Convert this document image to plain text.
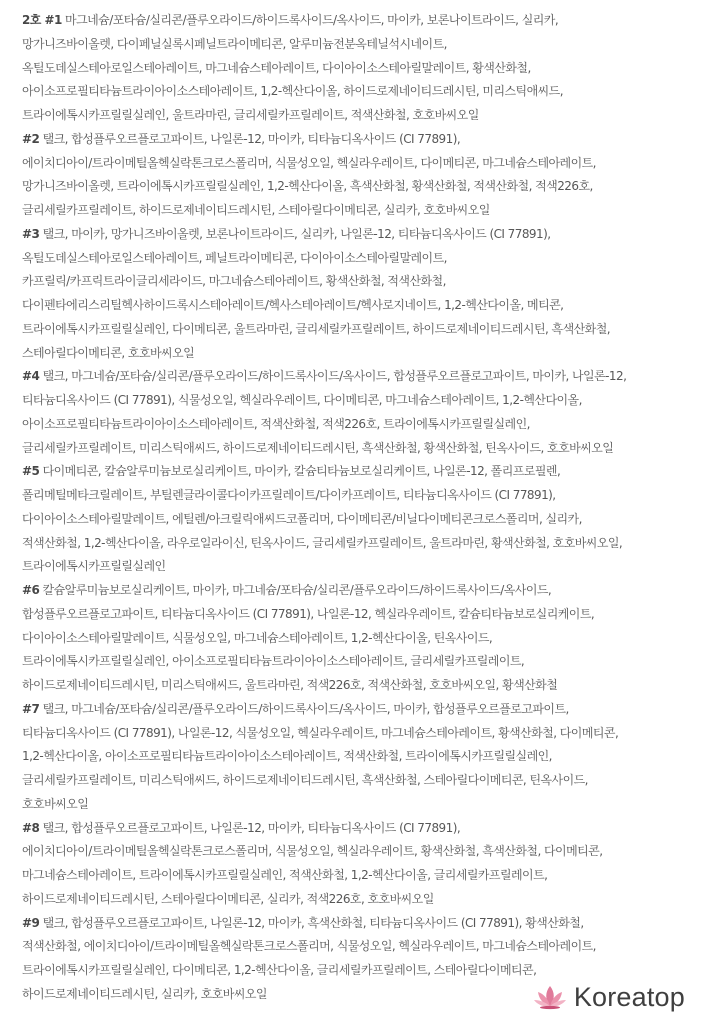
2호 #1 마그네슘/포타슘/실리콘/플루오라이드/하이드록사이드/옥사이드, 마이카, 보론나이트라이드, 실리카,
망가니즈바이올렛, 다이페닐실록시페닐트라이메티콘, 알루미늄전분옥테닐석시네이트,
옥틸도데실스테아로일스테아레이트, 마그네슘스테아레이트, 다이아이소스테아릴말레이트, 황색산화철,
아이소프로필티타늄트라이아이소스테아레이트, 1,2-헥산다이올, 하이드로제네이티드레시틴, 미리스틱애씨드,
트라이에톡시카프릴릴실레인, 울트라마린, 글리세릴카프릴레이트, 적색산화철, 호호바씨오일
#2 탤크, 합성플루오르플로고파이트, 나일론-12, 마이카, 티타늄디옥사이드 (CI 77891),
에이치디아이/트라이메틸올헥실락톤크로스폴리머, 식물성오일, 헥실라우레이트, 다이메티콘, 마그네슘스테아레이트,
망가니즈바이올렛, 트라이에톡시카프릴릴실레인, 1,2-헥산다이올, 흑색산화철, 황색산화철, 적색산화철, 적색226호,
글리세릴카프릴레이트, 하이드로제네이티드레시틴, 스테아릴다이메티콘, 실리카, 호호바씨오일
#3 탤크, 마이카, 망가니즈바이올렛, 보론나이트라이드, 실리카, 나일론-12, 티타늄디옥사이드 (CI 77891),
옥틸도데실스테아로일스테아레이트, 페닐트라이메티콘, 다이아이소스테아릴말레이트,
카프릴릭/카프릭트라이글리세라이드, 마그네슘스테아레이트, 황색산화철, 적색산화철,
다이펜타에리스리틸헥사하이드록시스테아레이트/헥사스테아레이트/헥사로지네이트, 1,2-헥산다이올, 메티콘,
트라이에톡시카프릴릴실레인, 다이메티콘, 울트라마린, 글리세릴카프릴레이트, 하이드로제네이티드레시틴, 흑색산화철,
스테아릴다이메티콘, 호호바씨오일
#4 탤크, 마그네슘/포타슘/실리콘/플루오라이드/하이드록사이드/옥사이드, 합성플루오르플로고파이트, 마이카, 나일론-12,
티타늄디옥사이드 (CI 77891), 식물성오일, 헥실라우레이트, 다이메티콘, 마그네슘스테아레이트, 1,2-헥산다이올,
아이소프로필티타늄트라이아이소스테아레이트, 적색산화철, 적색226호, 트라이에톡시카프릴릴실레인,
글리세릴카프릴레이트, 미리스틱애씨드, 하이드로제네이티드레시틴, 흑색산화철, 황색산화철, 틴옥사이드, 호호바씨오일
#5 다이메티콘, 칼슘알루미늄보로실리케이트, 마이카, 칼슘티타늄보로실리케이트, 나일론-12, 폴리프로필렌,
폴리메틸메타크릴레이트, 부틸렌글라이콜다이카프릴레이트/다이카프레이트, 티타늄디옥사이드 (CI 77891),
다이아이소스테아릴말레이트, 에틸렌/아크릴릭애씨드코폴리머, 다이메티콘/비닐다이메티콘크로스폴리머, 실리카,
적색산화철, 1,2-헥산다이올, 라우로일라이신, 틴옥사이드, 글리세릴카프릴레이트, 울트라마린, 황색산화철, 호호바씨오일,
트라이에톡시카프릴릴실레인
#6 칼슘알루미늄보로실리케이트, 마이카, 마그네슘/포타슘/실리콘/플루오라이드/하이드록사이드/옥사이드,
합성플루오르플로고파이트, 티타늄디옥사이드 (CI 77891), 나일론-12, 헥실라우레이트, 칼슘티타늄보로실리케이트,
다이아이소스테아릴말레이트, 식물성오일, 마그네슘스테아레이트, 1,2-헥산다이올, 틴옥사이드,
트라이에톡시카프릴릴실레인, 아이소프로필티타늄트라이아이소스테아레이트, 글리세릴카프릴레이트,
하이드로제네이티드레시틴, 미리스틱애씨드, 울트라마린, 적색226호, 적색산화철, 호호바씨오일, 황색산화철
#7 탤크, 마그네슘/포타슘/실리콘/플루오라이드/하이드록사이드/옥사이드, 마이카, 합성플루오르플로고파이트,
티타늄디옥사이드 (CI 77891), 나일론-12, 식물성오일, 헥실라우레이트, 마그네슘스테아레이트, 황색산화철, 다이메티콘,
1,2-헥산다이올, 아이소프로필티타늄트라이아이소스테아레이트, 적색산화철, 트라이에톡시카프릴릴실레인,
글리세릴카프릴레이트, 미리스틱애씨드, 하이드로제네이티드레시틴, 흑색산화철, 스테아릴다이메티콘, 틴옥사이드,
호호바씨오일
#8 탤크, 합성플루오르플로고파이트, 나일론-12, 마이카, 티타늄디옥사이드 (CI 77891),
에이치디아이/트라이메틸올헥실락톤크로스폴리머, 식물성오일, 헥실라우레이트, 황색산화철, 흑색산화철, 다이메티콘,
마그네슘스테아레이트, 트라이에톡시카프릴릴실레인, 적색산화철, 1,2-헥산다이올, 글리세릴카프릴레이트,
하이드로제네이티드레시틴, 스테아릴다이메티콘, 실리카, 적색226호, 호호바씨오일
#9 탤크, 합성플루오르플로고파이트, 나일론-12, 마이카, 흑색산화철, 티타늄디옥사이드 (CI 77891), 황색산화철,
적색산화철, 에이치디아이/트라이메틸올헥실락톤크로스폴리머, 식물성오일, 헥실라우레이트, 마그네슘스테아레이트,
트라이에톡시카프릴릴실레인, 다이메티콘, 1,2-헥산다이올, 글리세릴카프릴레이트, 스테아릴다이메티콘,
하이드로제네이티드레시틴, 실리카, 호호바씨오일	Koreatop
